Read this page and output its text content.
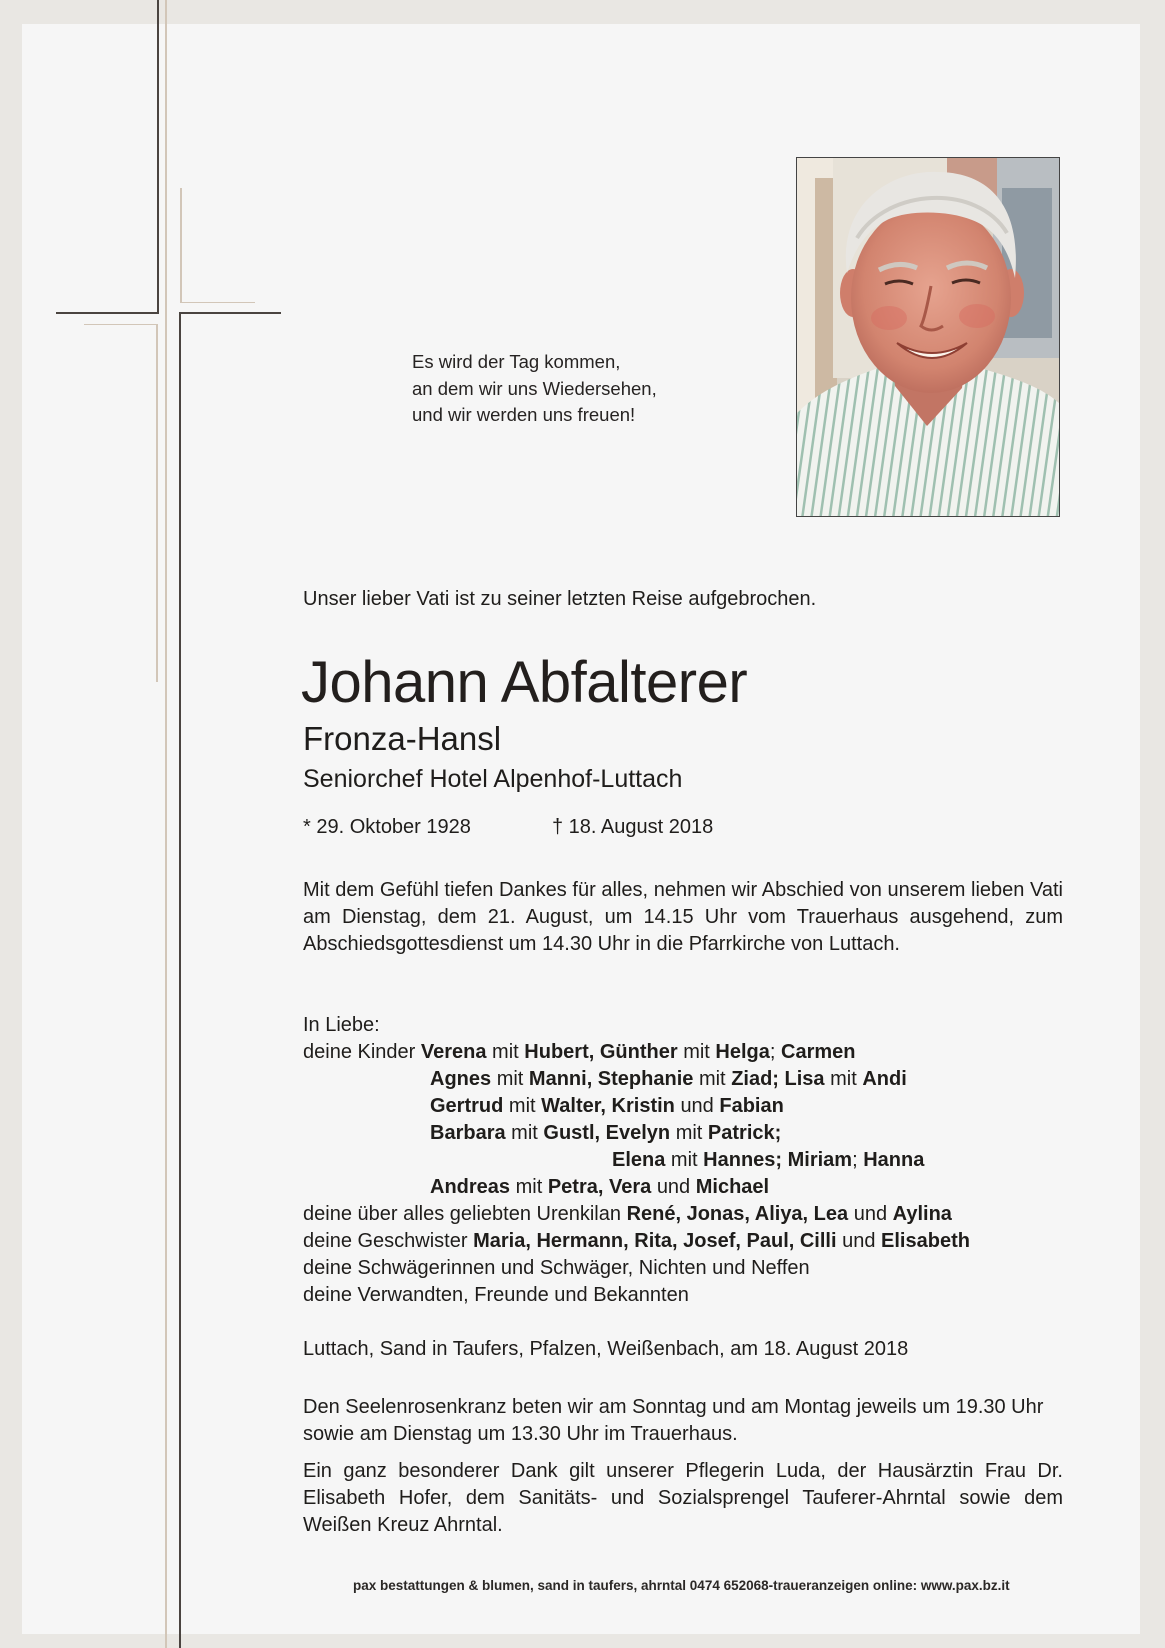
Es wird der Tag kommen,
an dem wir uns Wiedersehen,
und wir werden uns freuen!
Unser lieber Vati ist zu seiner letzten Reise aufgebrochen.
Johann Abfalterer
Fronza-Hansl
Seniorchef Hotel Alpenhof-Luttach
* 29. Oktober 1928	† 18. August 2018
Mit dem Gefühl tiefen Dankes für alles, nehmen wir Abschied von unserem lieben Vati am Dienstag, dem 21. August, um 14.15 Uhr vom Trauerhaus ausgehend, zum Abschiedsgottesdienst um 14.30 Uhr in die Pfarrkirche von Luttach.
In Liebe:
deine Kinder Verena mit Hubert, Günther mit Helga; Carmen
Agnes mit Manni, Stephanie mit Ziad; Lisa mit Andi
Gertrud mit Walter, Kristin und Fabian
Barbara mit Gustl, Evelyn mit Patrick;
Elena mit Hannes; Miriam; Hanna
Andreas mit Petra, Vera und Michael
deine über alles geliebten Urenkilan René, Jonas, Aliya, Lea und Aylina
deine Geschwister Maria, Hermann, Rita, Josef, Paul, Cilli und Elisabeth
deine Schwägerinnen und Schwäger, Nichten und Neffen
deine Verwandten, Freunde und Bekannten
Luttach, Sand in Taufers, Pfalzen, Weißenbach, am 18. August 2018
Den Seelenrosenkranz beten wir am Sonntag und am Montag jeweils um 19.30 Uhr
sowie am Dienstag um 13.30 Uhr im Trauerhaus.
Ein ganz besonderer Dank gilt unserer Pflegerin Luda, der Hausärztin Frau Dr. Elisabeth Hofer, dem Sanitäts- und Sozialsprengel Tauferer-Ahrntal sowie dem Weißen Kreuz Ahrntal.
pax bestattungen & blumen, sand in taufers, ahrntal 0474 652068-traueranzeigen online: www.pax.bz.it
